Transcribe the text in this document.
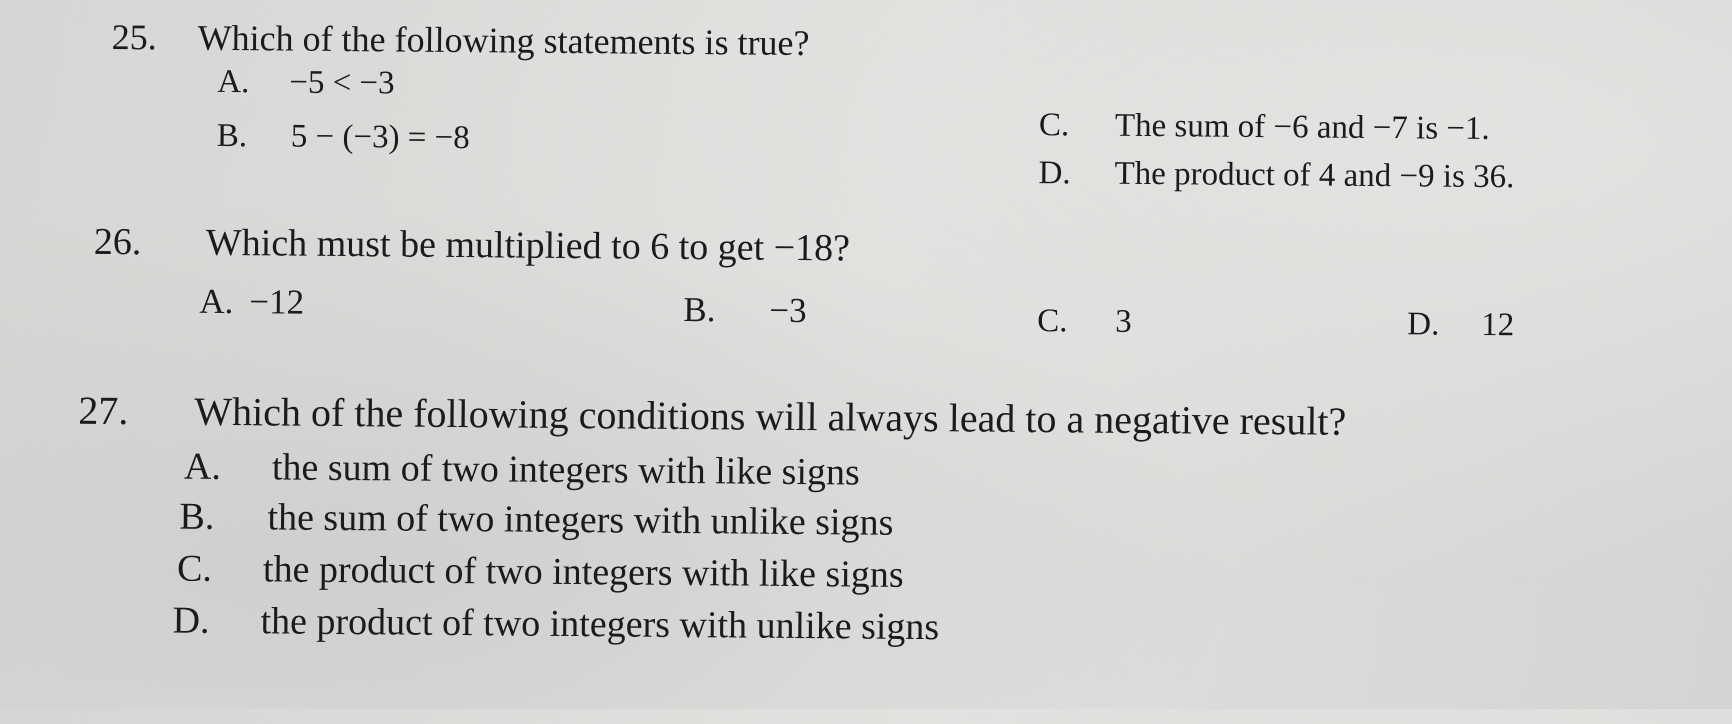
25. Which of the following statements is true?
A. −5 < −3
B. 5 − (−3) = −8	C. The sum of −6 and −7 is −1.
D. The product of 4 and −9 is 36.
26. Which must be multiplied to 6 to get −18?
A. −12	B. −3	C. 3	D. 12
27. Which of the following conditions will always lead to a negative result?
A. the sum of two integers with like signs
B. the sum of two integers with unlike signs
C. the product of two integers with like signs
D. the product of two integers with unlike signs
